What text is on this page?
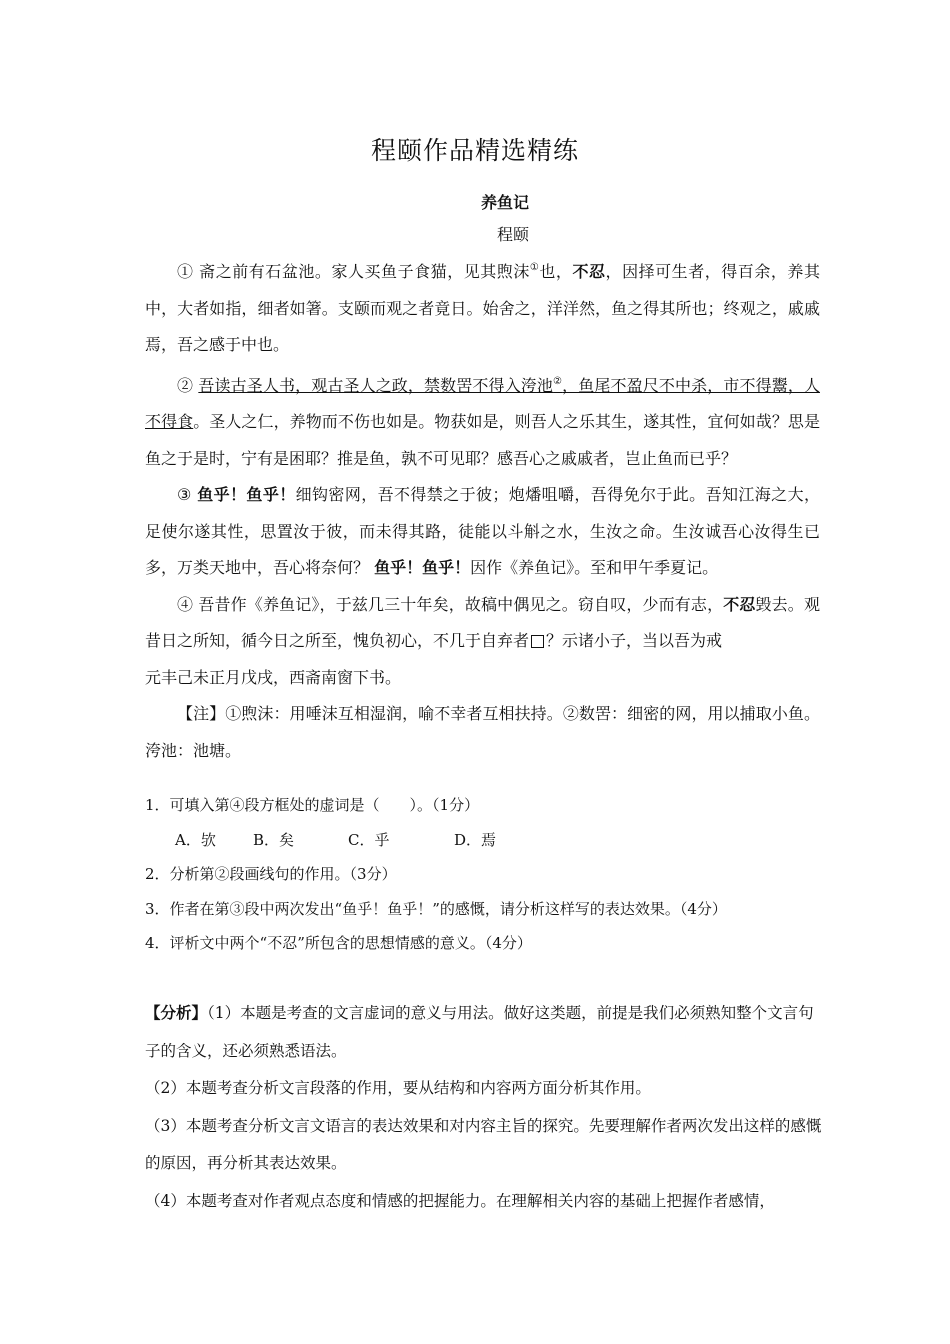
程颐作品精选精练
养鱼记
程颐

① 斋之前有石盆池。家人买鱼子食猫，见其煦沫①也，不忍，因择可生者，得百余，养其中，大者如指，细者如箸。支颐而观之者竟日。始舍之，洋洋然，鱼之得其所也；终观之，戚戚焉，吾之感于中也。

② 吾读古圣人书，观古圣人之政，禁数罟不得入洿池②，鱼尾不盈尺不中杀，市不得鬻，人不得食。圣人之仁，养物而不伤也如是。物获如是，则吾人之乐其生，遂其性，宜何如哉？思是鱼之于是时，宁有是困耶？推是鱼，孰不可见耶？感吾心之戚戚者，岂止鱼而已乎？

③ 鱼乎！鱼乎！细钩密网，吾不得禁之于彼；炮燔咀嚼，吾得免尔于此。吾知江海之大，足使尔遂其性，思置汝于彼，而未得其路，徒能以斗斛之水，生汝之命。生汝诚吾心汝得生已多，万类天地中，吾心将奈何？ 鱼乎！鱼乎！因作《养鱼记》。至和甲午季夏记。

④ 吾昔作《养鱼记》，于兹几三十年矣，故稿中偶见之。窃自叹，少而有志，不忍毁去。观昔日之所知，循今日之所至，愧负初心，不几于自弃者 ？示诸小子，当以吾为戒

元丰己未正月戊戌，西斋南窗下书。

【注】①煦沫：用唾沫互相湿润，喻不幸者互相扶持。②数罟：细密的网，用以捕取小鱼。洿池：池塘。

1．可填入第④段方框处的虚词是（　　）。（1分）

A．欤 B．矣	C．乎	D．焉

2．分析第②段画线句的作用。（3分）

3．作者在第③段中两次发出“鱼乎！鱼乎！”的感慨，请分析这样写的表达效果。（4分）

4．评析文中两个“不忍”所包含的思想情感的意义。（4分）

【分析】（1）本题是考查的文言虚词的意义与用法。做好这类题，前提是我们必须熟知整个文言句子的含义，还必须熟悉语法。

（2）本题考查分析文言段落的作用，要从结构和内容两方面分析其作用。

（3）本题考查分析文言文语言的表达效果和对内容主旨的探究。先要理解作者两次发出这样的感慨的原因，再分析其表达效果。

（4）本题考查对作者观点态度和情感的把握能力。在理解相关内容的基础上把握作者感情，
